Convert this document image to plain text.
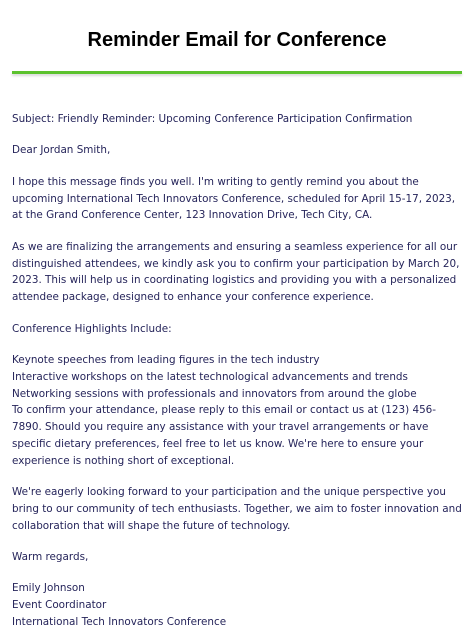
Reminder Email for Conference

Subject: Friendly Reminder: Upcoming Conference Participation Confirmation

Dear Jordan Smith,

I hope this message finds you well. I'm writing to gently remind you about the upcoming International Tech Innovators Conference, scheduled for April 15-17, 2023, at the Grand Conference Center, 123 Innovation Drive, Tech City, CA.

As we are finalizing the arrangements and ensuring a seamless experience for all our distinguished attendees, we kindly ask you to confirm your participation by March 20, 2023. This will help us in coordinating logistics and providing you with a personalized attendee package, designed to enhance your conference experience.

Conference Highlights Include:

Keynote speeches from leading figures in the tech industry
Interactive workshops on the latest technological advancements and trends
Networking sessions with professionals and innovators from around the globe

To confirm your attendance, please reply to this email or contact us at (123) 456-7890. Should you require any assistance with your travel arrangements or have specific dietary preferences, feel free to let us know. We're here to ensure your experience is nothing short of exceptional.

We're eagerly looking forward to your participation and the unique perspective you bring to our community of tech enthusiasts. Together, we aim to foster innovation and collaboration that will shape the future of technology.

Warm regards,

Emily Johnson
Event Coordinator
International Tech Innovators Conference
